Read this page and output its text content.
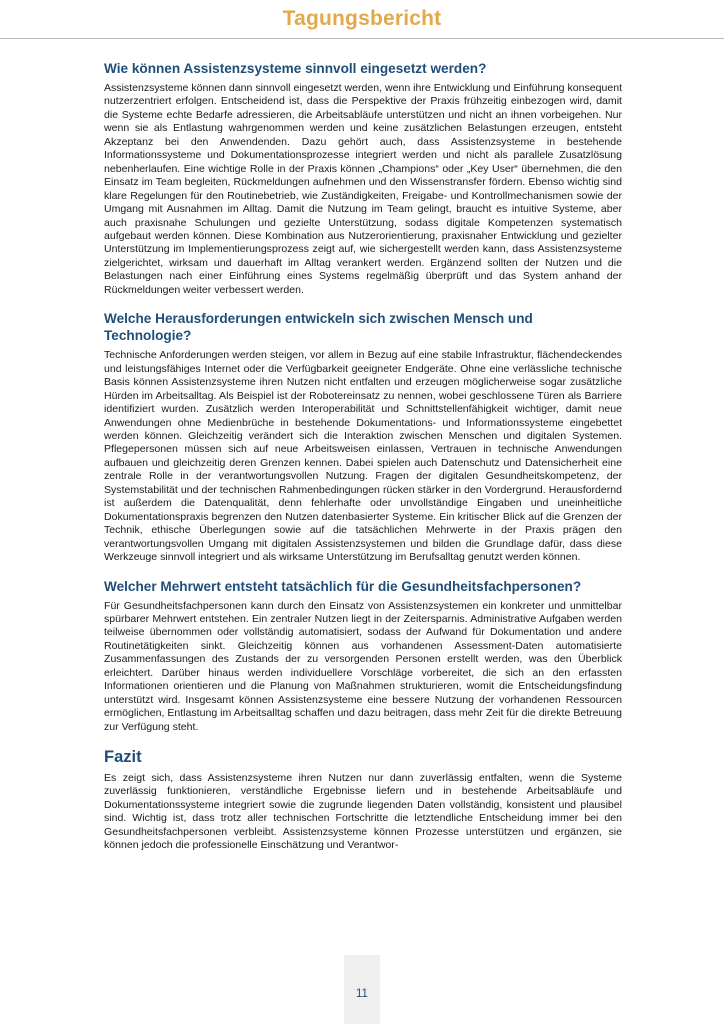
Tagungsbericht
Wie können Assistenzsysteme sinnvoll eingesetzt werden?

Assistenzsysteme können dann sinnvoll eingesetzt werden, wenn ihre Entwicklung und Einführung konsequent nutzerzentriert erfolgen. Entscheidend ist, dass die Perspektive der Praxis frühzeitig einbezogen wird, damit die Systeme echte Bedarfe adressieren, die Arbeitsabläufe unterstützen und nicht an ihnen vorbeigehen. Nur wenn sie als Entlastung wahrgenommen werden und keine zusätzlichen Belastungen erzeugen, entsteht Akzeptanz bei den Anwendenden. Dazu gehört auch, dass Assistenzsysteme in bestehende Informationssysteme und Dokumentationsprozesse integriert werden und nicht als parallele Zusatzlösung nebenherlaufen. Eine wichtige Rolle in der Praxis können „Champions“ oder „Key User“ übernehmen, die den Einsatz im Team begleiten, Rückmeldungen aufnehmen und den Wissenstransfer fördern. Ebenso wichtig sind klare Regelungen für den Routinebetrieb, wie Zuständigkeiten, Freigabe- und Kontrollmechanismen sowie der Umgang mit Ausnahmen im Alltag. Damit die Nutzung im Team gelingt, braucht es intuitive Systeme, aber auch praxisnahe Schulungen und gezielte Unterstützung, sodass digitale Kompetenzen systematisch aufgebaut werden können. Diese Kombination aus Nutzerorientierung, praxisnaher Entwicklung und gezielter Unterstützung im Implementierungsprozess zeigt auf, wie sichergestellt werden kann, dass Assistenzsysteme zielgerichtet, wirksam und dauerhaft im Alltag verankert werden. Ergänzend sollten der Nutzen und die Belastungen nach einer Einführung eines Systems regelmäßig überprüft und das System anhand der Rückmeldungen weiter verbessert werden.

Welche Herausforderungen entwickeln sich zwischen Mensch und Technologie?

Technische Anforderungen werden steigen, vor allem in Bezug auf eine stabile Infrastruktur, flächendeckendes und leistungsfähiges Internet oder die Verfügbarkeit geeigneter Endgeräte. Ohne eine verlässliche technische Basis können Assistenzsysteme ihren Nutzen nicht entfalten und erzeugen möglicherweise sogar zusätzliche Hürden im Arbeitsalltag. Als Beispiel ist der Robotereinsatz zu nennen, wobei geschlossene Türen als Barriere identifiziert wurden. Zusätzlich werden Interoperabilität und Schnittstellenfähigkeit wichtiger, damit neue Anwendungen ohne Medienbrüche in bestehende Dokumentations- und Informationssysteme eingebettet werden können. Gleichzeitig verändert sich die Interaktion zwischen Menschen und digitalen Systemen. Pflegepersonen müssen sich auf neue Arbeitsweisen einlassen, Vertrauen in technische Anwendungen aufbauen und gleichzeitig deren Grenzen kennen. Dabei spielen auch Datenschutz und Datensicherheit eine zentrale Rolle in der verantwortungsvollen Nutzung. Fragen der digitalen Gesundheitskompetenz, der Systemstabilität und der technischen Rahmenbedingungen rücken stärker in den Vordergrund. Herausfordernd ist außerdem die Datenqualität, denn fehlerhafte oder unvollständige Eingaben und uneinheitliche Dokumentationspraxis begrenzen den Nutzen datenbasierter Systeme. Ein kritischer Blick auf die Grenzen der Technik, ethische Überlegungen sowie auf die tatsächlichen Mehrwerte in der Praxis prägen den verantwortungsvollen Umgang mit digitalen Assistenzsystemen und bilden die Grundlage dafür, dass diese Werkzeuge sinnvoll integriert und als wirksame Unterstützung im Berufsalltag genutzt werden können.

Welcher Mehrwert entsteht tatsächlich für die Gesundheitsfachpersonen?

Für Gesundheitsfachpersonen kann durch den Einsatz von Assistenzsystemen ein konkreter und unmittelbar spürbarer Mehrwert entstehen. Ein zentraler Nutzen liegt in der Zeitersparnis. Administrative Aufgaben werden teilweise übernommen oder vollständig automatisiert, sodass der Aufwand für Dokumentation und andere Routinetätigkeiten sinkt. Gleichzeitig können aus vorhandenen Assessment-Daten automatisierte Zusammenfassungen des Zustands der zu versorgenden Personen erstellt werden, was den Überblick erleichtert. Darüber hinaus werden individuellere Vorschläge vorbereitet, die sich an den erfassten Informationen orientieren und die Planung von Maßnahmen strukturieren, womit die Entscheidungsfindung unterstützt wird. Insgesamt können Assistenzsysteme eine bessere Nutzung der vorhandenen Ressourcen ermöglichen, Entlastung im Arbeitsalltag schaffen und dazu beitragen, dass mehr Zeit für die direkte Betreuung zur Verfügung steht.

Fazit

Es zeigt sich, dass Assistenzsysteme ihren Nutzen nur dann zuverlässig entfalten, wenn die Systeme zuverlässig funktionieren, verständliche Ergebnisse liefern und in bestehende Arbeitsabläufe und Dokumentationssysteme integriert sowie die zugrunde liegenden Daten vollständig, konsistent und plausibel sind. Wichtig ist, dass trotz aller technischen Fortschritte die letztendliche Entscheidung immer bei den Gesundheitsfachpersonen verbleibt. Assistenzsysteme können Prozesse unterstützen und ergänzen, sie können jedoch die professionelle Einschätzung und Verantwor-

11
